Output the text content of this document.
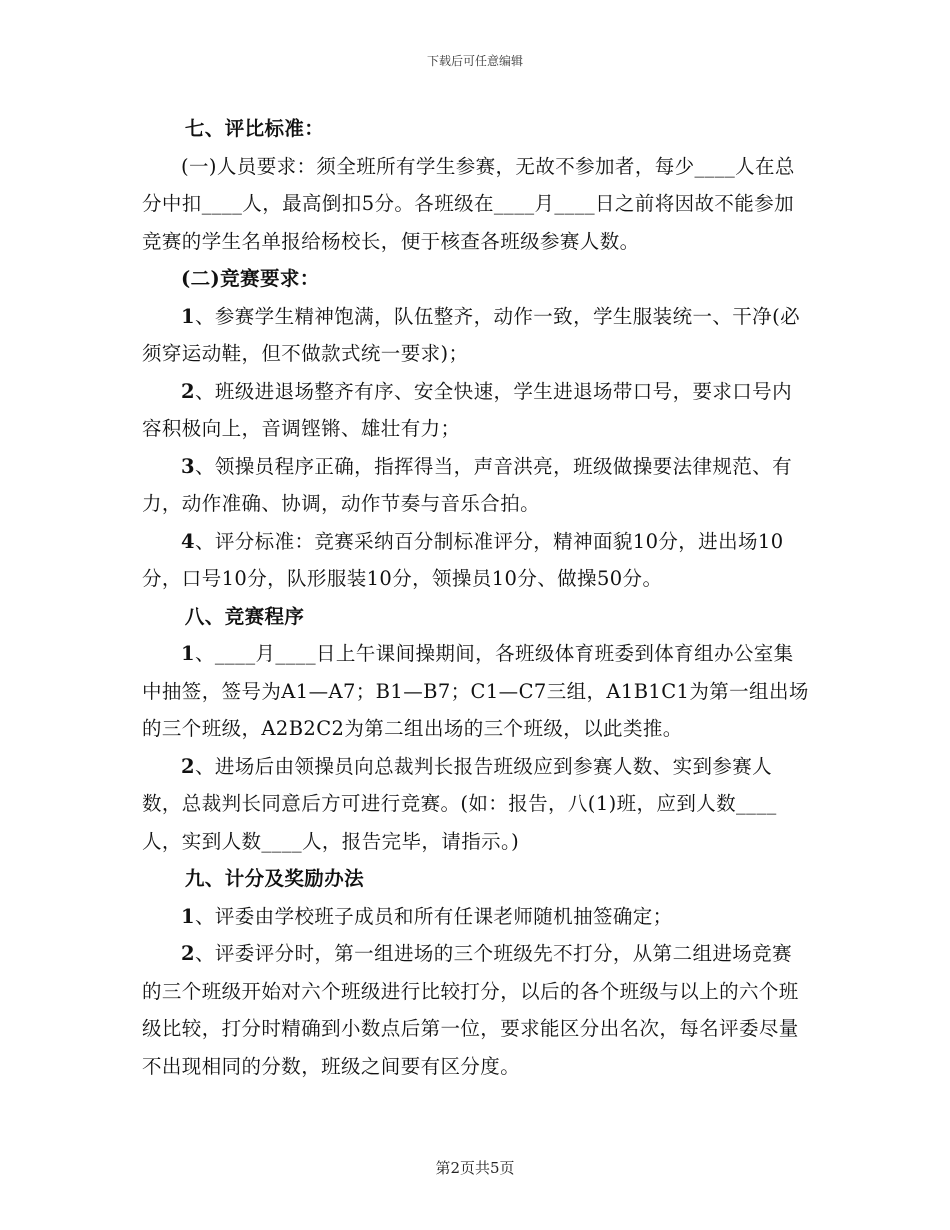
下载后可任意编辑

七、评比标准：

(一)人员要求：须全班所有学生参赛，无故不参加者，每少____人在总分中扣____人，最高倒扣5分。各班级在____月____日之前将因故不能参加竞赛的学生名单报给杨校长，便于核查各班级参赛人数。

(二)竞赛要求：

1、参赛学生精神饱满，队伍整齐，动作一致，学生服装统一、干净(必须穿运动鞋，但不做款式统一要求)；

2、班级进退场整齐有序、安全快速，学生进退场带口号，要求口号内容积极向上，音调铿锵、雄壮有力；

3、领操员程序正确，指挥得当，声音洪亮，班级做操要法律规范、有力，动作准确、协调，动作节奏与音乐合拍。

4、评分标准：竞赛采纳百分制标准评分，精神面貌10分，进出场10分，口号10分，队形服装10分，领操员10分、做操50分。

八、竞赛程序

1、____月____日上午课间操期间，各班级体育班委到体育组办公室集中抽签，签号为A1—A7；B1—B7；C1—C7三组，A1B1C1为第一组出场的三个班级，A2B2C2为第二组出场的三个班级，以此类推。

2、进场后由领操员向总裁判长报告班级应到参赛人数、实到参赛人数，总裁判长同意后方可进行竞赛。(如：报告，八(1)班，应到人数____人，实到人数____人，报告完毕，请指示。)

九、计分及奖励办法

1、评委由学校班子成员和所有任课老师随机抽签确定；

2、评委评分时，第一组进场的三个班级先不打分，从第二组进场竞赛的三个班级开始对六个班级进行比较打分，以后的各个班级与以上的六个班级比较，打分时精确到小数点后第一位，要求能区分出名次，每名评委尽量不出现相同的分数，班级之间要有区分度。

第2页共5页
